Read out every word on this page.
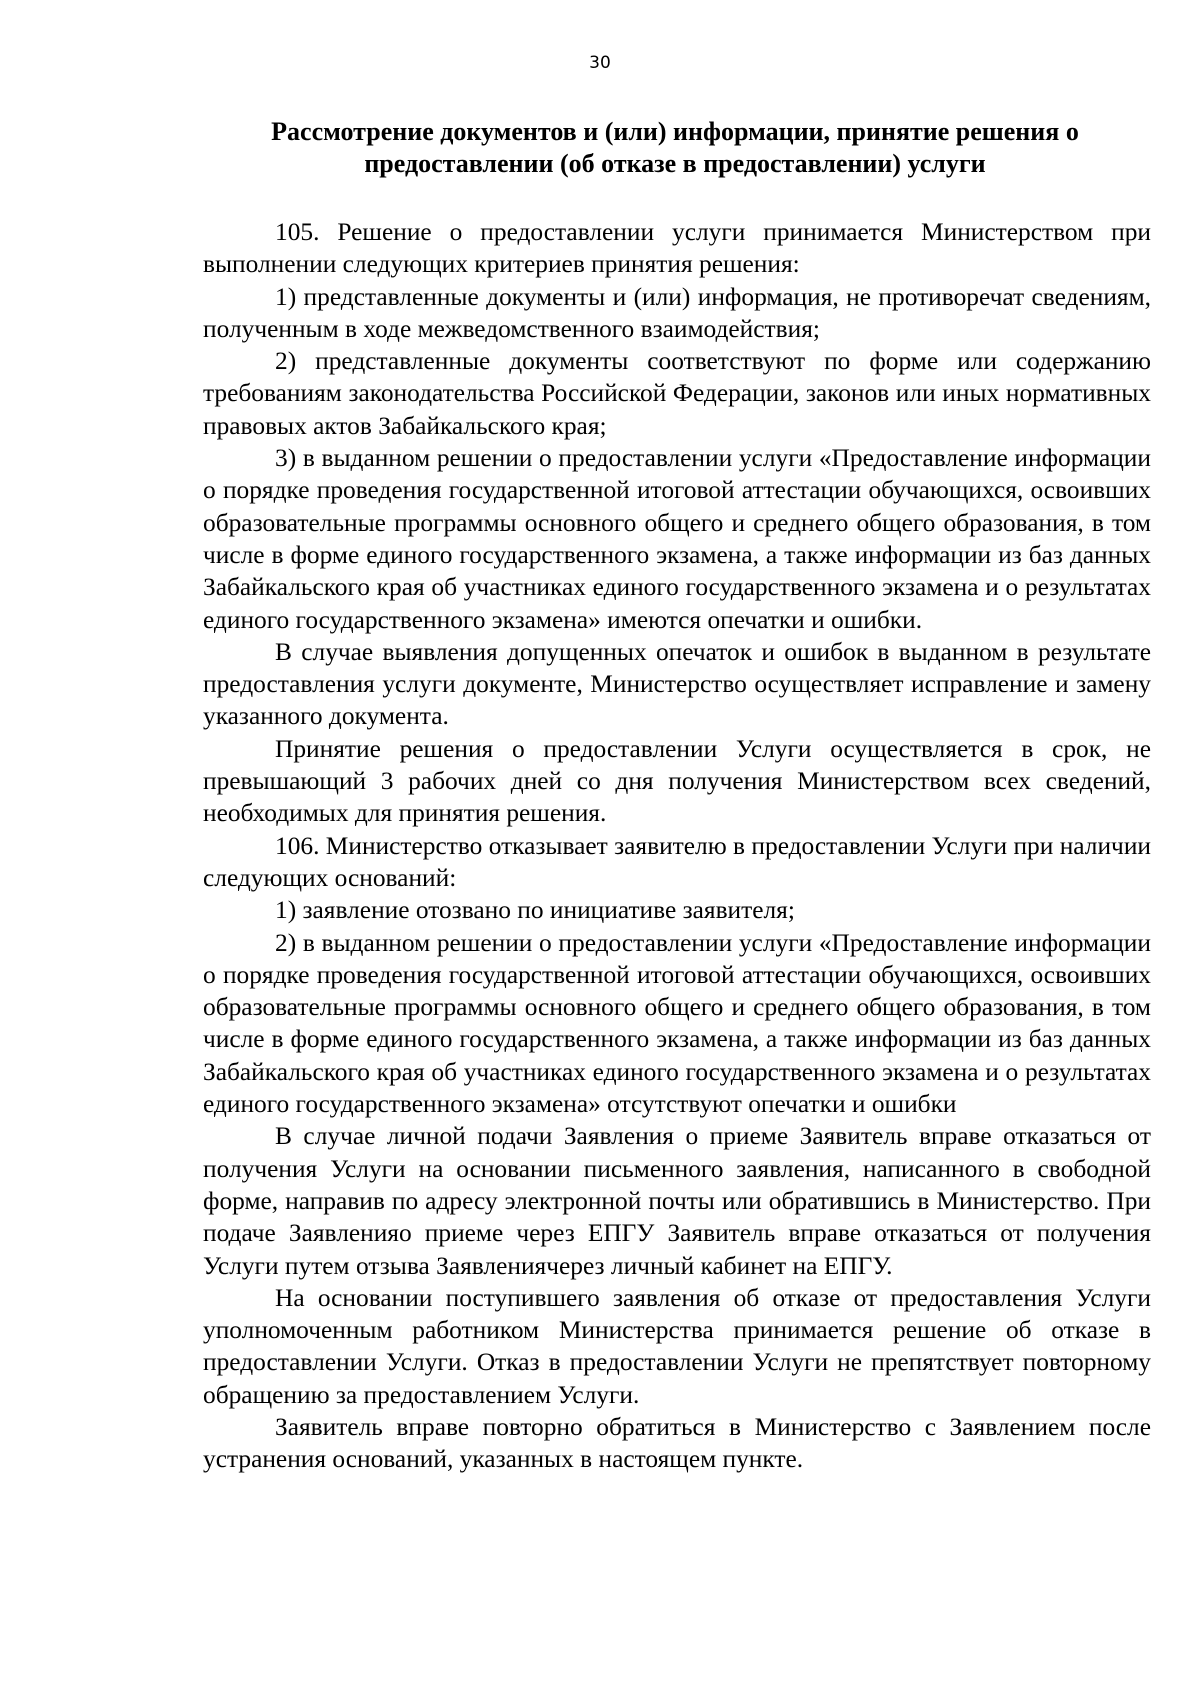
30
Рассмотрение документов и (или) информации, принятие решения о предоставлении (об отказе в предоставлении) услуги

105. Решение о предоставлении услуги принимается Министерством при выполнении следующих критериев принятия решения:

1) представленные документы и (или) информация, не противоречат сведениям, полученным в ходе межведомственного взаимодействия;

2) представленные документы соответствуют по форме или содержанию требованиям законодательства Российской Федерации, законов или иных нормативных правовых актов Забайкальского края;

3) в выданном решении о предоставлении услуги «Предоставление информации о порядке проведения государственной итоговой аттестации обучающихся, освоивших образовательные программы основного общего и среднего общего образования, в том числе в форме единого государственного экзамена, а также информации из баз данных Забайкальского края об участниках единого государственного экзамена и о результатах единого государственного экзамена» имеются опечатки и ошибки.

В случае выявления допущенных опечаток и ошибок в выданном в результате предоставления услуги документе, Министерство осуществляет исправление и замену указанного документа.

Принятие решения о предоставлении Услуги осуществляется в срок, не превышающий 3 рабочих дней со дня получения Министерством всех сведений, необходимых для принятия решения.

106. Министерство отказывает заявителю в предоставлении Услуги при наличии следующих оснований:

1) заявление отозвано по инициативе заявителя;

2) в выданном решении о предоставлении услуги «Предоставление информации о порядке проведения государственной итоговой аттестации обучающихся, освоивших образовательные программы основного общего и среднего общего образования, в том числе в форме единого государственного экзамена, а также информации из баз данных Забайкальского края об участниках единого государственного экзамена и о результатах единого государственного экзамена» отсутствуют опечатки и ошибки

В случае личной подачи Заявления о приеме Заявитель вправе отказаться от получения Услуги на основании письменного заявления, написанного в свободной форме, направив по адресу электронной почты или обратившись в Министерство. При подаче Заявленияо приеме через ЕПГУ Заявитель вправе отказаться от получения Услуги путем отзыва Заявлениячерез личный кабинет на ЕПГУ.

На основании поступившего заявления об отказе от предоставления Услуги уполномоченным работником Министерства принимается решение об отказе в предоставлении Услуги. Отказ в предоставлении Услуги не препятствует повторному обращению за предоставлением Услуги.

Заявитель вправе повторно обратиться в Министерство с Заявлением после устранения оснований, указанных в настоящем пункте.
